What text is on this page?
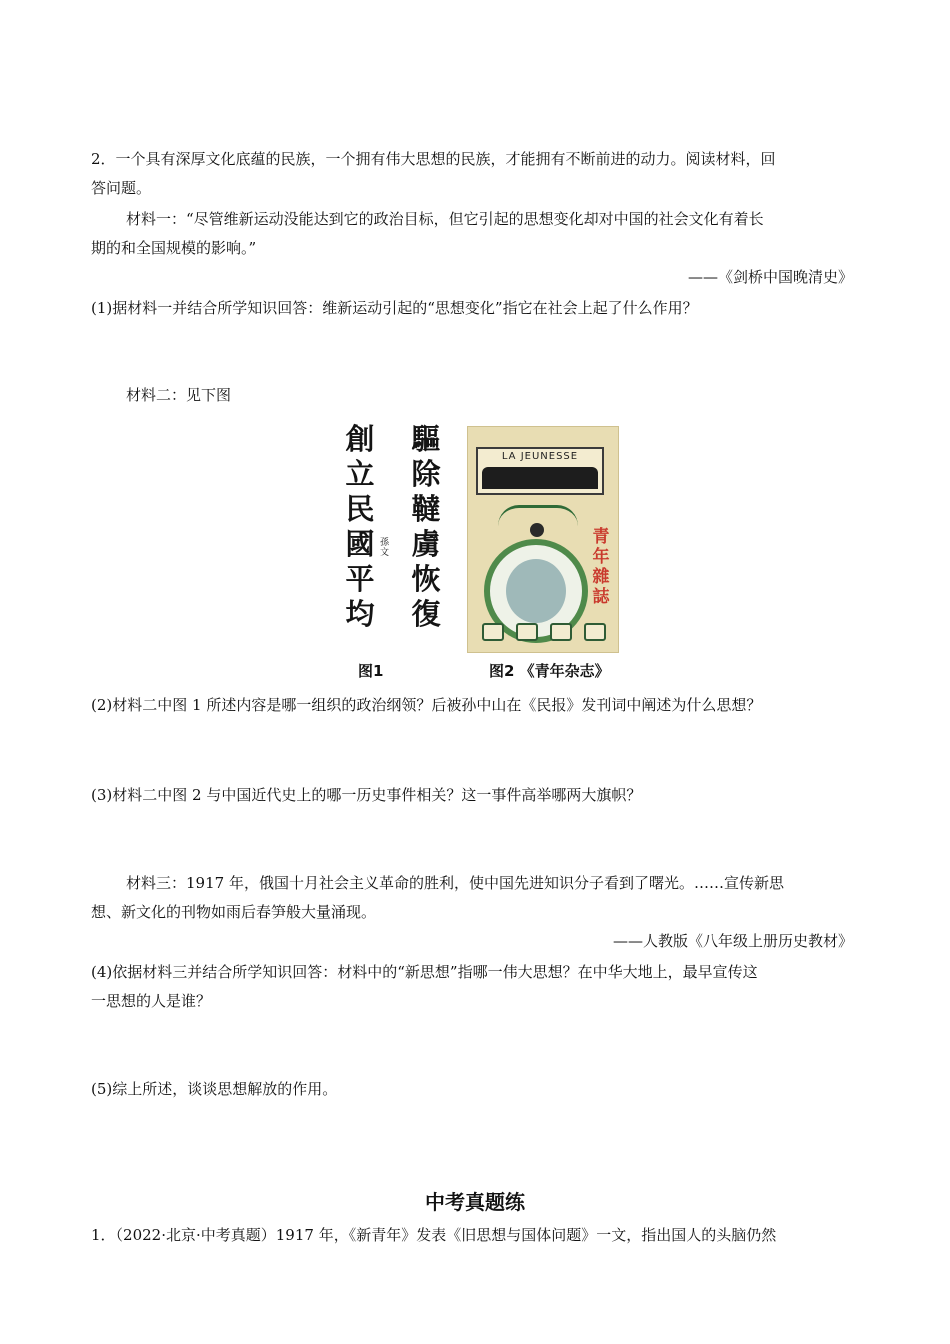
2．一个具有深厚文化底蕴的民族，一个拥有伟大思想的民族，才能拥有不断前进的动力。阅读材料，回
答问题。
材料一：“尽管维新运动没能达到它的政治目标，但它引起的思想变化却对中国的社会文化有着长
期的和全国规模的影响。”
——《剑桥中国晚清史》
(1)据材料一并结合所学知识回答：维新运动引起的“思想变化”指它在社会上起了什么作用？
材料二：见下图
創
立
民
國
平
均
孫文
驅
除
韃
虜
恢
復
LA JEUNESSE
青
年
雜
誌
图1	图2 《青年杂志》
(2)材料二中图 1 所述内容是哪一组织的政治纲领？后被孙中山在《民报》发刊词中阐述为什么思想？
(3)材料二中图 2 与中国近代史上的哪一历史事件相关？这一事件高举哪两大旗帜？
材料三：1917 年，俄国十月社会主义革命的胜利，使中国先进知识分子看到了曙光。……宣传新思
想、新文化的刊物如雨后春笋般大量涌现。
——人教版《八年级上册历史教材》
(4)依据材料三并结合所学知识回答：材料中的“新思想”指哪一伟大思想？在中华大地上，最早宣传这
一思想的人是谁？
(5)综上所述，谈谈思想解放的作用。
中考真题练
1．（2022·北京·中考真题）1917 年，《新青年》发表《旧思想与国体问题》一文，指出国人的头脑仍然
